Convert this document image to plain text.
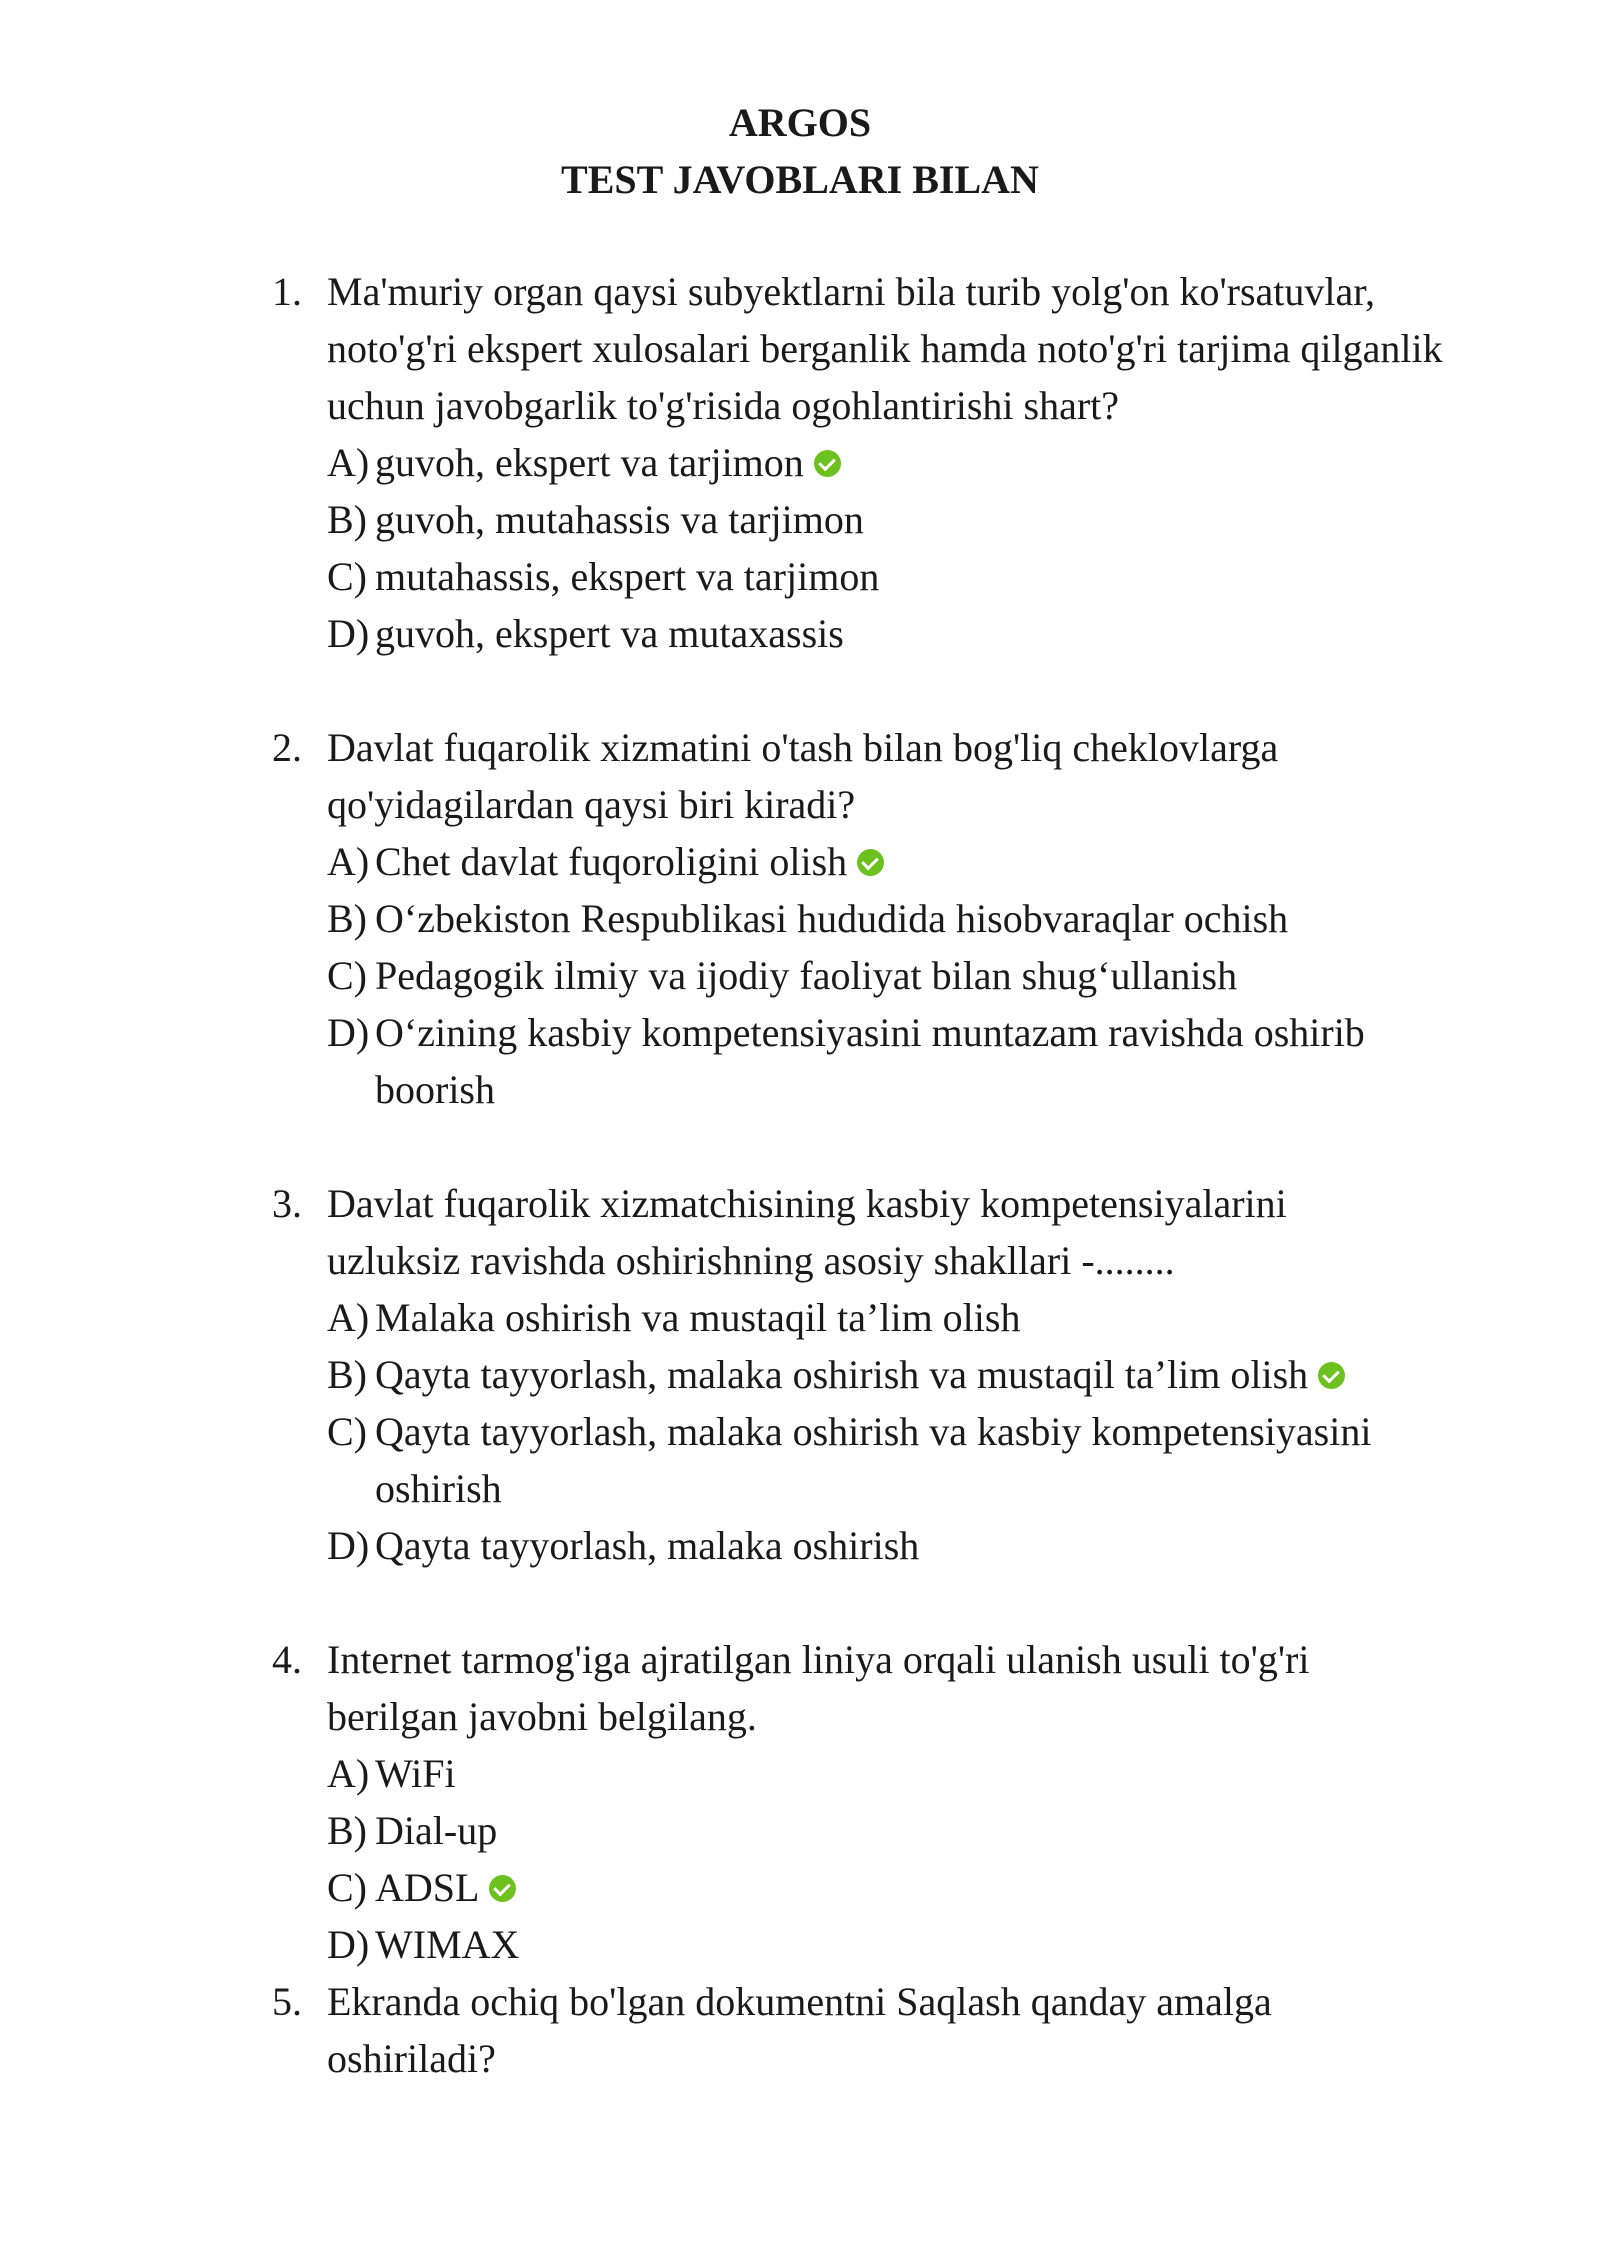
ARGOS
TEST JAVOBLARI BILAN
1. Ma'muriy organ qaysi subyektlarni bila turib yolg'on ko'rsatuvlar, noto'g'ri ekspert xulosalari berganlik hamda noto'g'ri tarjima qilganlik uchun javobgarlik to'g'risida ogohlantirishi shart?
A) guvoh, ekspert va tarjimon
B) guvoh, mutahassis va tarjimon
C) mutahassis, ekspert va tarjimon
D) guvoh, ekspert va mutaxassis
2. Davlat fuqarolik xizmatini o'tash bilan bog'liq cheklovlarga qo'yidagilardan qaysi biri kiradi?
A) Chet davlat fuqoroligini olish
B) O‘zbekiston Respublikasi hududida hisobvaraqlar ochish
C) Pedagogik ilmiy va ijodiy faoliyat bilan shug‘ullanish
D) O‘zining kasbiy kompetensiyasini muntazam ravishda oshirib boorish
3. Davlat fuqarolik xizmatchisining kasbiy kompetensiyalarini uzluksiz ravishda oshirishning asosiy shakllari -........
A) Malaka oshirish va mustaqil ta’lim olish
B) Qayta tayyorlash, malaka oshirish va mustaqil ta’lim olish
C) Qayta tayyorlash, malaka oshirish va kasbiy kompetensiyasini oshirish
D) Qayta tayyorlash, malaka oshirish
4. Internet tarmog'iga ajratilgan liniya orqali ulanish usuli to'g'ri berilgan javobni belgilang.
A) WiFi
B) Dial-up
C) ADSL
D) WIMAX
5. Ekranda ochiq bo'lgan dokumentni Saqlash qanday amalga oshiriladi?
